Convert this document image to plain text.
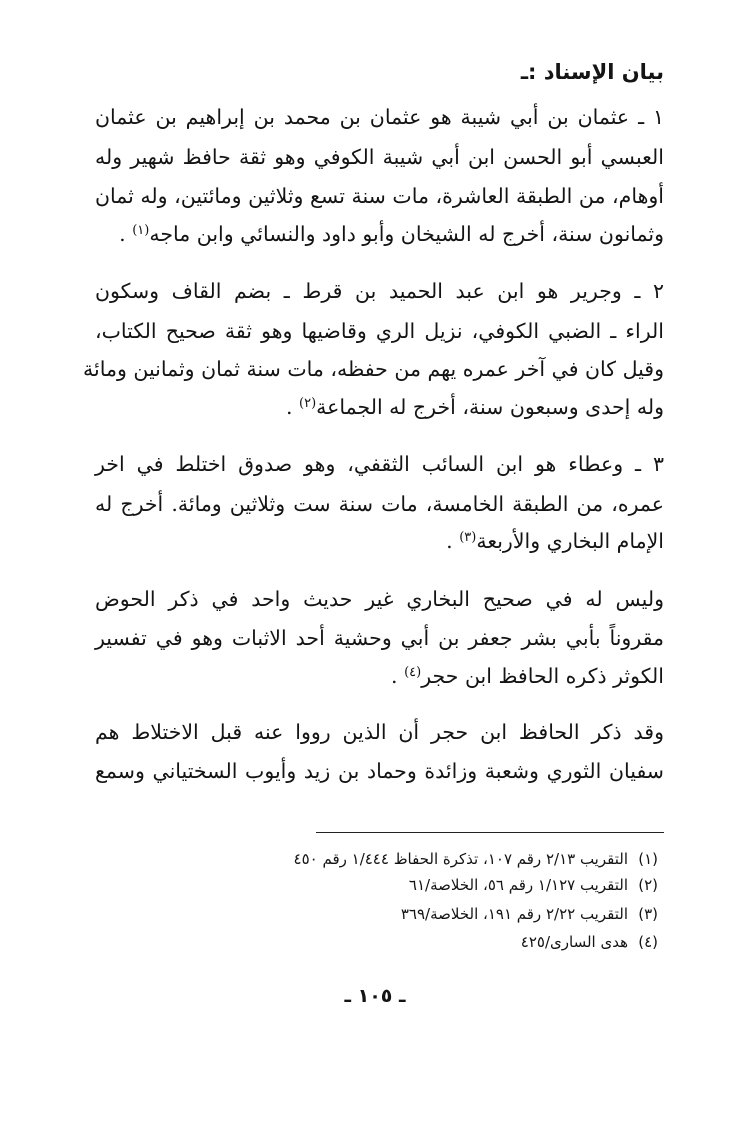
بيان الإسناد :ـ
١ ـ عثمان بن أبي شيبة هو عثمان بن محمد بن إبراهيم بن عثمان
العبسي أبو الحسن ابن أبي شيبة الكوفي وهو ثقة حافظ شهير وله
أوهام، من الطبقة العاشرة، مات سنة تسع وثلاثين ومائتين، وله ثمان
وثمانون سنة، أخرج له الشيخان وأبو داود والنسائي وابن ماجه$^{(١)}$ .
٢ ـ وجرير هو ابن عبد الحميد بن قرط ـ بضم القاف وسكون
الراء ـ الضبي الكوفي، نزيل الري وقاضيها وهو ثقة صحيح الكتاب،
وقيل كان في آخر عمره يهم من حفظه، مات سنة ثمان وثمانين ومائة
وله إحدى وسبعون سنة، أخرج له الجماعة$^{(٢)}$ .
٣ ـ وعطاء هو ابن السائب الثقفي، وهو صدوق اختلط في اخر
عمره، من الطبقة الخامسة، مات سنة ست وثلاثين ومائة. أخرج له
الإمام البخاري والأربعة$^{(٣)}$ .
وليس له في صحيح البخاري غير حديث واحد في ذكر الحوض
مقروناً بأبي بشر جعفر بن أبي وحشية أحد الاثبات وهو في تفسير
الكوثر ذكره الحافظ ابن حجر$^{(٤)}$ .
وقد ذكر الحافظ ابن حجر أن الذين رووا عنه قبل الاختلاط هم
سفيان الثوري وشعبة وزائدة وحماد بن زيد وأيوب السختياني وسمع
(١)التقريب ٢/١٣ رقم ١٠٧، تذكرة الحفاظ ١/٤٤٤ رقم ٤٥٠
(٢)التقريب ١/١٢٧ رقم ٥٦، الخلاصة/٦١
(٣)التقريب ٢/٢٢ رقم ١٩١، الخلاصة/٣٦٩
(٤)هدى السارى/٤٢٥
ـ ١٠٥ ـ
